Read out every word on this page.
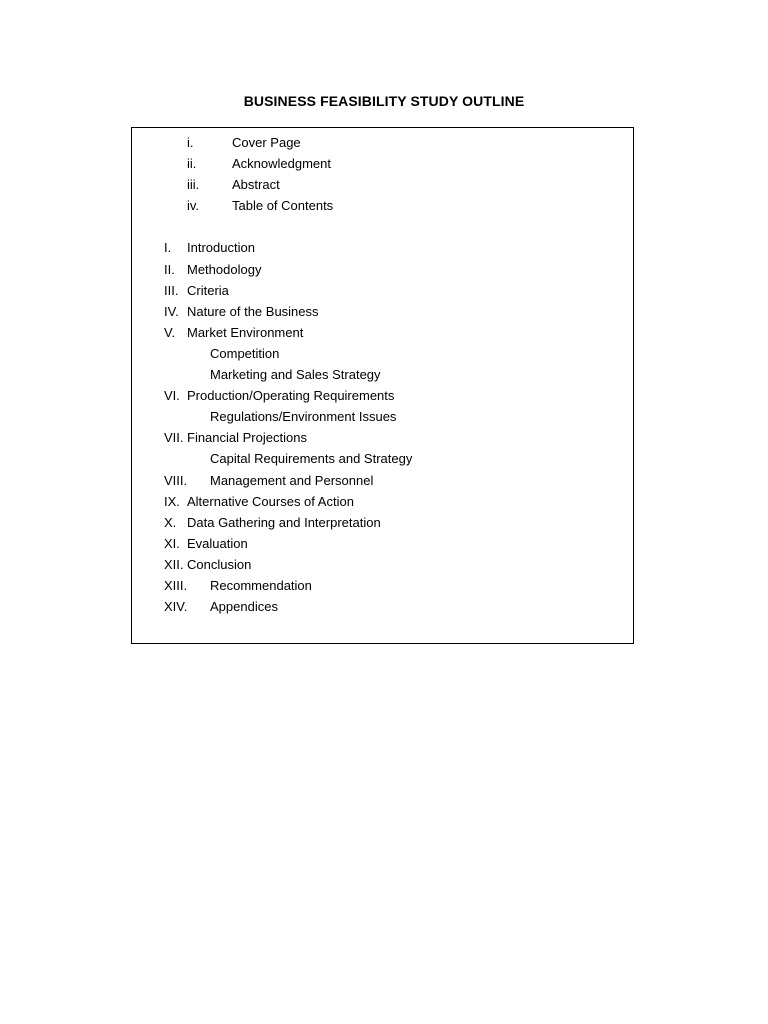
BUSINESS FEASIBILITY STUDY OUTLINE
i.	Cover Page
ii.	Acknowledgment
iii.	Abstract
iv.	Table of Contents
I. Introduction
II. Methodology
III. Criteria
IV. Nature of the Business
V. Market Environment
Competition
Marketing and Sales Strategy
VI. Production/Operating Requirements
Regulations/Environment Issues
VII. Financial Projections
Capital Requirements and Strategy
VIII. Management and Personnel
IX. Alternative Courses of Action
X. Data Gathering and Interpretation
XI. Evaluation
XII. Conclusion
XIII. Recommendation
XIV. Appendices
